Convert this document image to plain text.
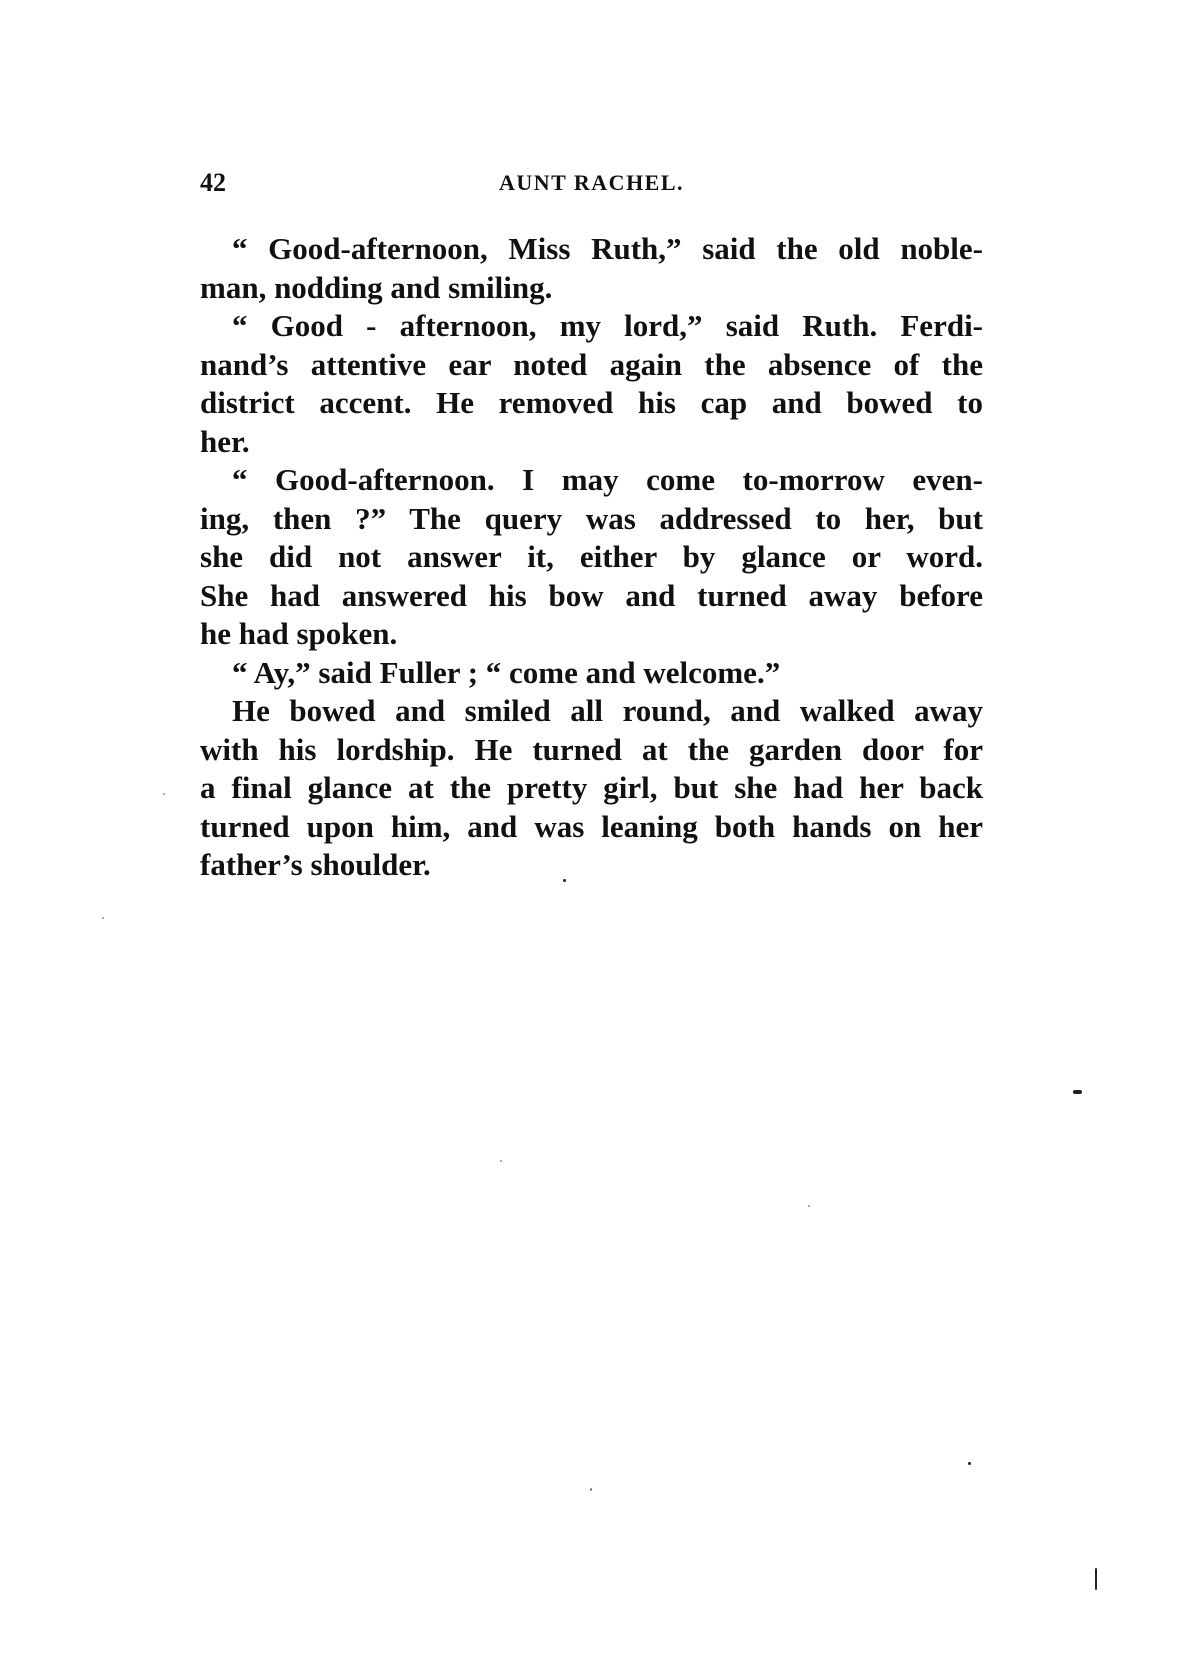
42	AUNT RACHEL.
“ Good-afternoon, Miss Ruth,” said the old noble-
man, nodding and smiling.
“ Good - afternoon, my lord,” said Ruth. Ferdi-
nand’s attentive ear noted again the absence of the
district accent. He removed his cap and bowed to
her.
“ Good-afternoon. I may come to-morrow even-
ing, then ?” The query was addressed to her, but
she did not answer it, either by glance or word.
She had answered his bow and turned away before
he had spoken.
“ Ay,” said Fuller ; “ come and welcome.”
He bowed and smiled all round, and walked away
with his lordship. He turned at the garden door for
a final glance at the pretty girl, but she had her back
turned upon him, and was leaning both hands on her
father’s shoulder.
